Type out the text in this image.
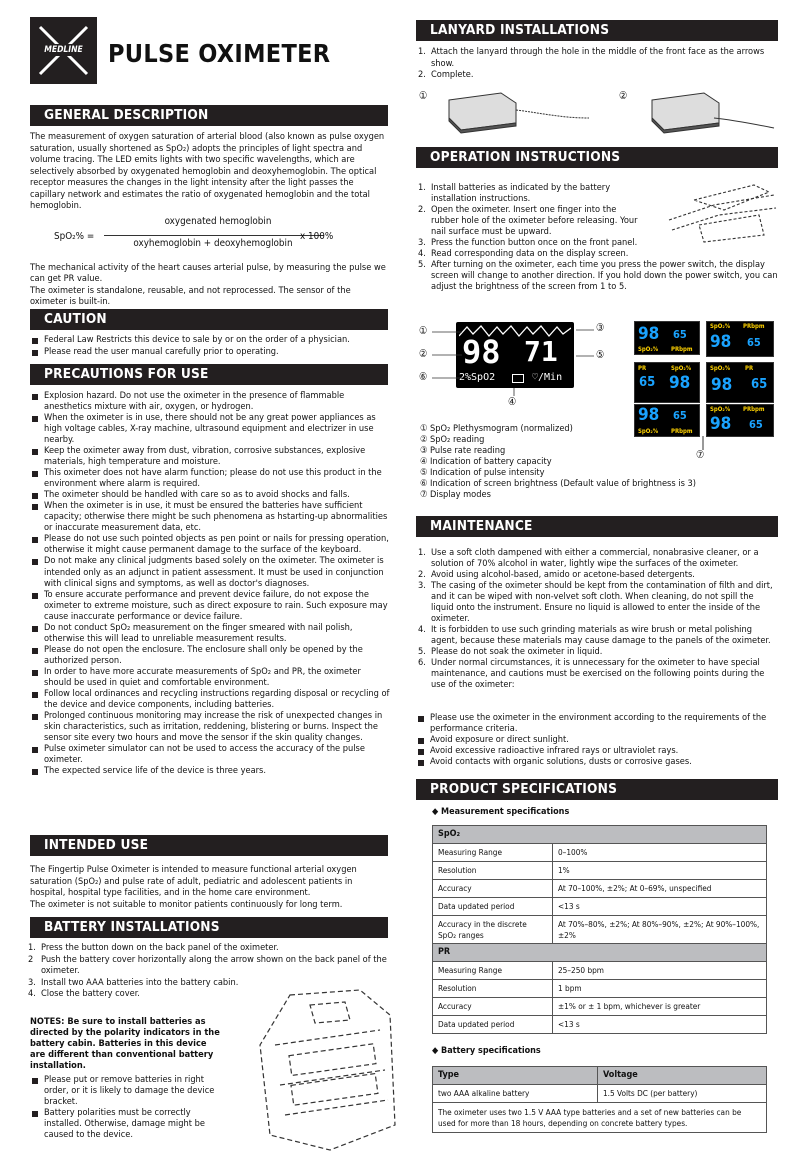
MEDLINE	PULSE OXIMETER
GENERAL DESCRIPTION

The measurement of oxygen saturation of arterial blood (also known as pulse oxygen saturation, usually shortened as SpO₂) adopts the principles of light spectra and volume tracing. The LED emits lights with two specific wavelengths, which are selectively absorbed by oxygenated hemoglobin and deoxyhemoglobin. The optical receptor measures the changes in the light intensity after the light passes the capillary network and estimates the ratio of oxygenated hemoglobin and the total hemoglobin.

SpO₂% =
oxygenated hemoglobin
oxyhemoglobin + deoxyhemoglobin
x 100%

The mechanical activity of the heart causes arterial pulse, by measuring the pulse we can get PR value.

The oximeter is standalone, reusable, and not reprocessed. The sensor of the oximeter is built-in.

CAUTION
Federal Law Restricts this device to sale by or on the order of a physician.
Please read the user manual carefully prior to operating.
PRECAUTIONS FOR USE
Explosion hazard. Do not use the oximeter in the presence of flammable anesthetics mixture with air, oxygen, or hydrogen.
When the oximeter is in use, there should not be any great power appliances as high voltage cables, X-ray machine, ultrasound equipment and electrizer in use nearby.
Keep the oximeter away from dust, vibration, corrosive substances, explosive materials, high temperature and moisture.
This oximeter does not have alarm function; please do not use this product in the environment where alarm is required.
The oximeter should be handled with care so as to avoid shocks and falls.
When the oximeter is in use, it must be ensured the batteries have sufficient capacity; otherwise there might be such phenomena as hstarting-up abnormalities or inaccurate measurement data, etc.
Please do not use such pointed objects as pen point or nails for pressing operation, otherwise it might cause permanent damage to the surface of the keyboard.
Do not make any clinical judgments based solely on the oximeter. The oximeter is intended only as an adjunct in patient assessment. It must be used in conjunction with clinical signs and symptoms, as well as doctor's diagnoses.
To ensure accurate performance and prevent device failure, do not expose the oximeter to extreme moisture, such as direct exposure to rain. Such exposure may cause inaccurate performance or device failure.
Do not conduct SpO₂ measurement on the finger smeared with nail polish, otherwise this will lead to unreliable measurement results.
Please do not open the enclosure. The enclosure shall only be opened by the authorized person.
In order to have more accurate measurements of SpO₂ and PR, the oximeter should be used in quiet and comfortable environment.
Follow local ordinances and recycling instructions regarding disposal or recycling of the device and device components, including batteries.
Prolonged continuous monitoring may increase the risk of unexpected changes in skin characteristics, such as irritation, reddening, blistering or burns. Inspect the sensor site every two hours and move the sensor if the skin quality changes.
Pulse oximeter simulator can not be used to access the accuracy of the pulse oximeter.
The expected service life of the device is three years.
INTENDED USE

The Fingertip Pulse Oximeter is intended to measure functional arterial oxygen saturation (SpO₂) and pulse rate of adult, pediatric and adolescent patients in hospital, hospital type facilities, and in the home care environment.

The oximeter is not suitable to monitor patients continuously for long term.

BATTERY INSTALLATIONS
1. Press the button down on the back panel of the oximeter.
2 Push the battery cover horizontally along the arrow shown on the back panel of the oximeter.
3. Install two AAA batteries into the battery cabin.
4. Close the battery cover.

NOTES: Be sure to install batteries as directed by the polarity indicators in the battery cabin. Batteries in this device are different than conventional battery installation.

Please put or remove batteries in right order, or it is likely to damage the device bracket.
Battery polarities must be correctly installed. Otherwise, damage might be caused to the device.
LANYARD INSTALLATIONS
1. Attach the lanyard through the hole in the middle of the front face as the arrows show.
2. Complete.
①	②
OPERATION INSTRUCTIONS
1. Install batteries as indicated by the battery installation instructions.
2. Open the oximeter. Insert one finger into the rubber hole of the oximeter before releasing. Your nail surface must be upward.
3. Press the function button once on the front panel.
4. Read corresponding data on the display screen.
5. After turning on the oximeter, each time you press the power switch, the display screen will change to another direction. If you hold down the power switch, you can adjust the brightness of the screen from 1 to 5.
98 71
2%SpO2	♡/Min
①
②
⑥
③
⑤
④
⑦
98 65
SpO₂% PRbpm
SpO₂% PRbpm
98 65
PR	SpO₂%
65 98
SpO₂% PR
98 65
98 65
SpO₂% PRbpm
SpO₂% PRbpm
98 65

① SpO₂ Plethysmogram (normalized)

② SpO₂ reading

③ Pulse rate reading

④ Indication of battery capacity

⑤ Indication of pulse intensity

⑥ Indication of screen brightness (Default value of brightness is 3)

⑦ Display modes

MAINTENANCE
1. Use a soft cloth dampened with either a commercial, nonabrasive cleaner, or a solution of 70% alcohol in water, lightly wipe the surfaces of the oximeter.
2. Avoid using alcohol-based, amido or acetone-based detergents.
3. The casing of the oximeter should be kept from the contamination of filth and dirt, and it can be wiped with non-velvet soft cloth. When cleaning, do not spill the liquid onto the instrument. Ensure no liquid is allowed to enter the inside of the oximeter.
4. It is forbidden to use such grinding materials as wire brush or metal polishing agent, because these materials may cause damage to the panels of the oximeter.
5. Please do not soak the oximeter in liquid.
6. Under normal circumstances, it is unnecessary for the oximeter to have special maintenance, and cautions must be exercised on the following points during the use of the oximeter:
Please use the oximeter in the environment according to the requirements of the performance criteria.
Avoid exposure or direct sunlight.
Avoid excessive radioactive infrared rays or ultraviolet rays.
Avoid contacts with organic solutions, dusts or corrosive gases.
PRODUCT SPECIFICATIONS
◆ Measurement specifications
SpO₂	
Measuring Range	0–100%
Resolution	1%
Accuracy	At 70–100%, ±2%; At 0–69%, unspecified
Data updated period	<13 s
Accuracy in the discrete SpO₂ ranges	At 70%–80%, ±2%; At 80%–90%, ±2%; At 90%–100%, ±2%
PR	
Measuring Range	25–250 bpm
Resolution	1 bpm
Accuracy	±1% or ± 1 bpm, whichever is greater
Data updated period	<13 s
◆ Battery specifications
Type	Voltage
two AAA alkaline battery	1.5 Volts DC (per battery)
The oximeter uses two 1.5 V AAA type batteries and a set of new batteries can be used for more than 18 hours, depending on concrete battery types.	
